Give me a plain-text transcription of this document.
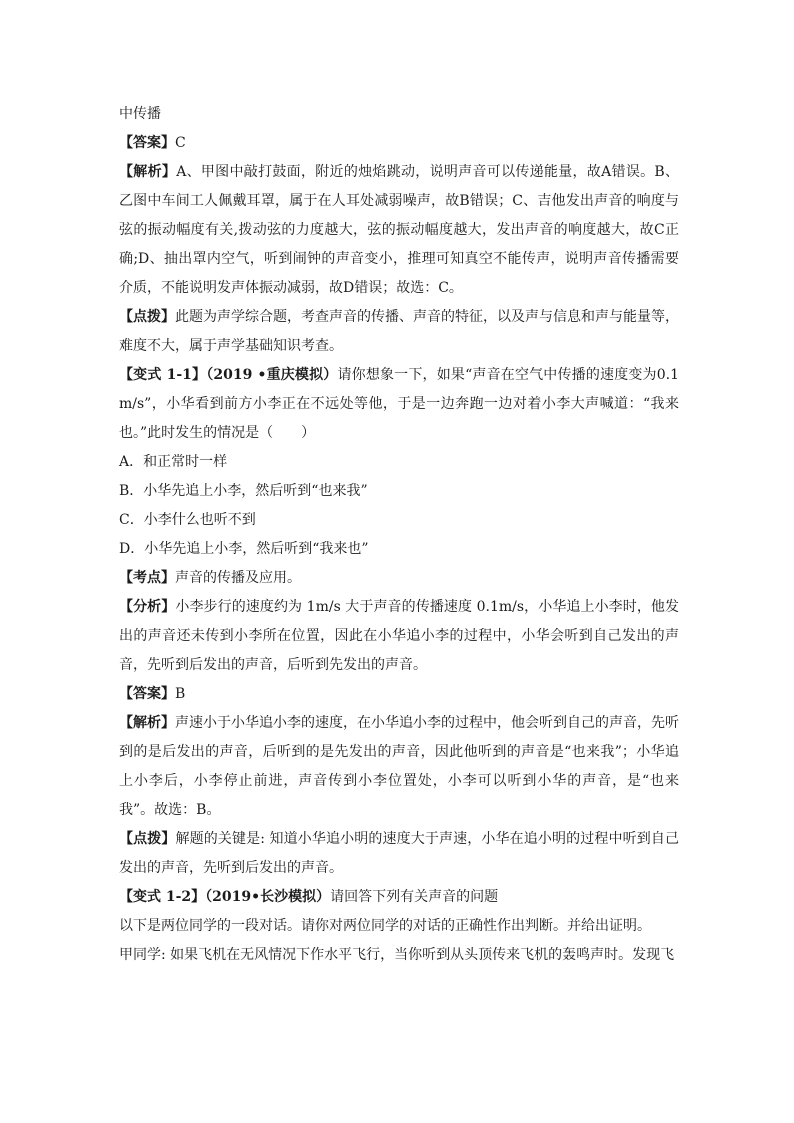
中传播

【答案】C

【解析】A、甲图中敲打鼓面，附近的烛焰跳动，说明声音可以传递能量，故A错误。B、乙图中车间工人佩戴耳罩，属于在人耳处减弱噪声，故B错误；C、吉他发出声音的响度与弦的振动幅度有关,拨动弦的力度越大，弦的振动幅度越大，发出声音的响度越大，故C正确;D、抽出罩内空气，听到闹钟的声音变小，推理可知真空不能传声，说明声音传播需要介质，不能说明发声体振动减弱，故D错误；故选：C。

【点拨】此题为声学综合题，考查声音的传播、声音的特征，以及声与信息和声与能量等，难度不大，属于声学基础知识考查。

【变式 1-1】（2019 •重庆模拟）请你想象一下，如果“声音在空气中传播的速度变为0.1m/s”，小华看到前方小李正在不远处等他，于是一边奔跑一边对着小李大声喊道：“我来也。”此时发生的情况是（　　）

A．和正常时一样

B．小华先追上小李，然后听到“也来我”

C．小李什么也听不到

D．小华先追上小李，然后听到“我来也”

【考点】声音的传播及应用。

【分析】小李步行的速度约为 1m/s 大于声音的传播速度 0.1m/s，小华追上小李时，他发出的声音还未传到小李所在位置，因此在小华追小李的过程中，小华会听到自己发出的声音，先听到后发出的声音，后听到先发出的声音。

【答案】B

【解析】声速小于小华追小李的速度，在小华追小李的过程中，他会听到自己的声音，先听到的是后发出的声音，后听到的是先发出的声音，因此他听到的声音是“也来我”；小华追上小李后，小李停止前进，声音传到小李位置处，小李可以听到小华的声音，是“也来我”。故选：B。

【点拨】解题的关键是: 知道小华追小明的速度大于声速，小华在追小明的过程中听到自己发出的声音，先听到后发出的声音。

【变式 1-2】（2019•长沙模拟）请回答下列有关声音的问题

以下是两位同学的一段对话。请你对两位同学的对话的正确性作出判断。并给出证明。

甲同学: 如果飞机在无风情况下作水平飞行，当你听到从头顶传来飞机的轰鸣声时。发现飞
